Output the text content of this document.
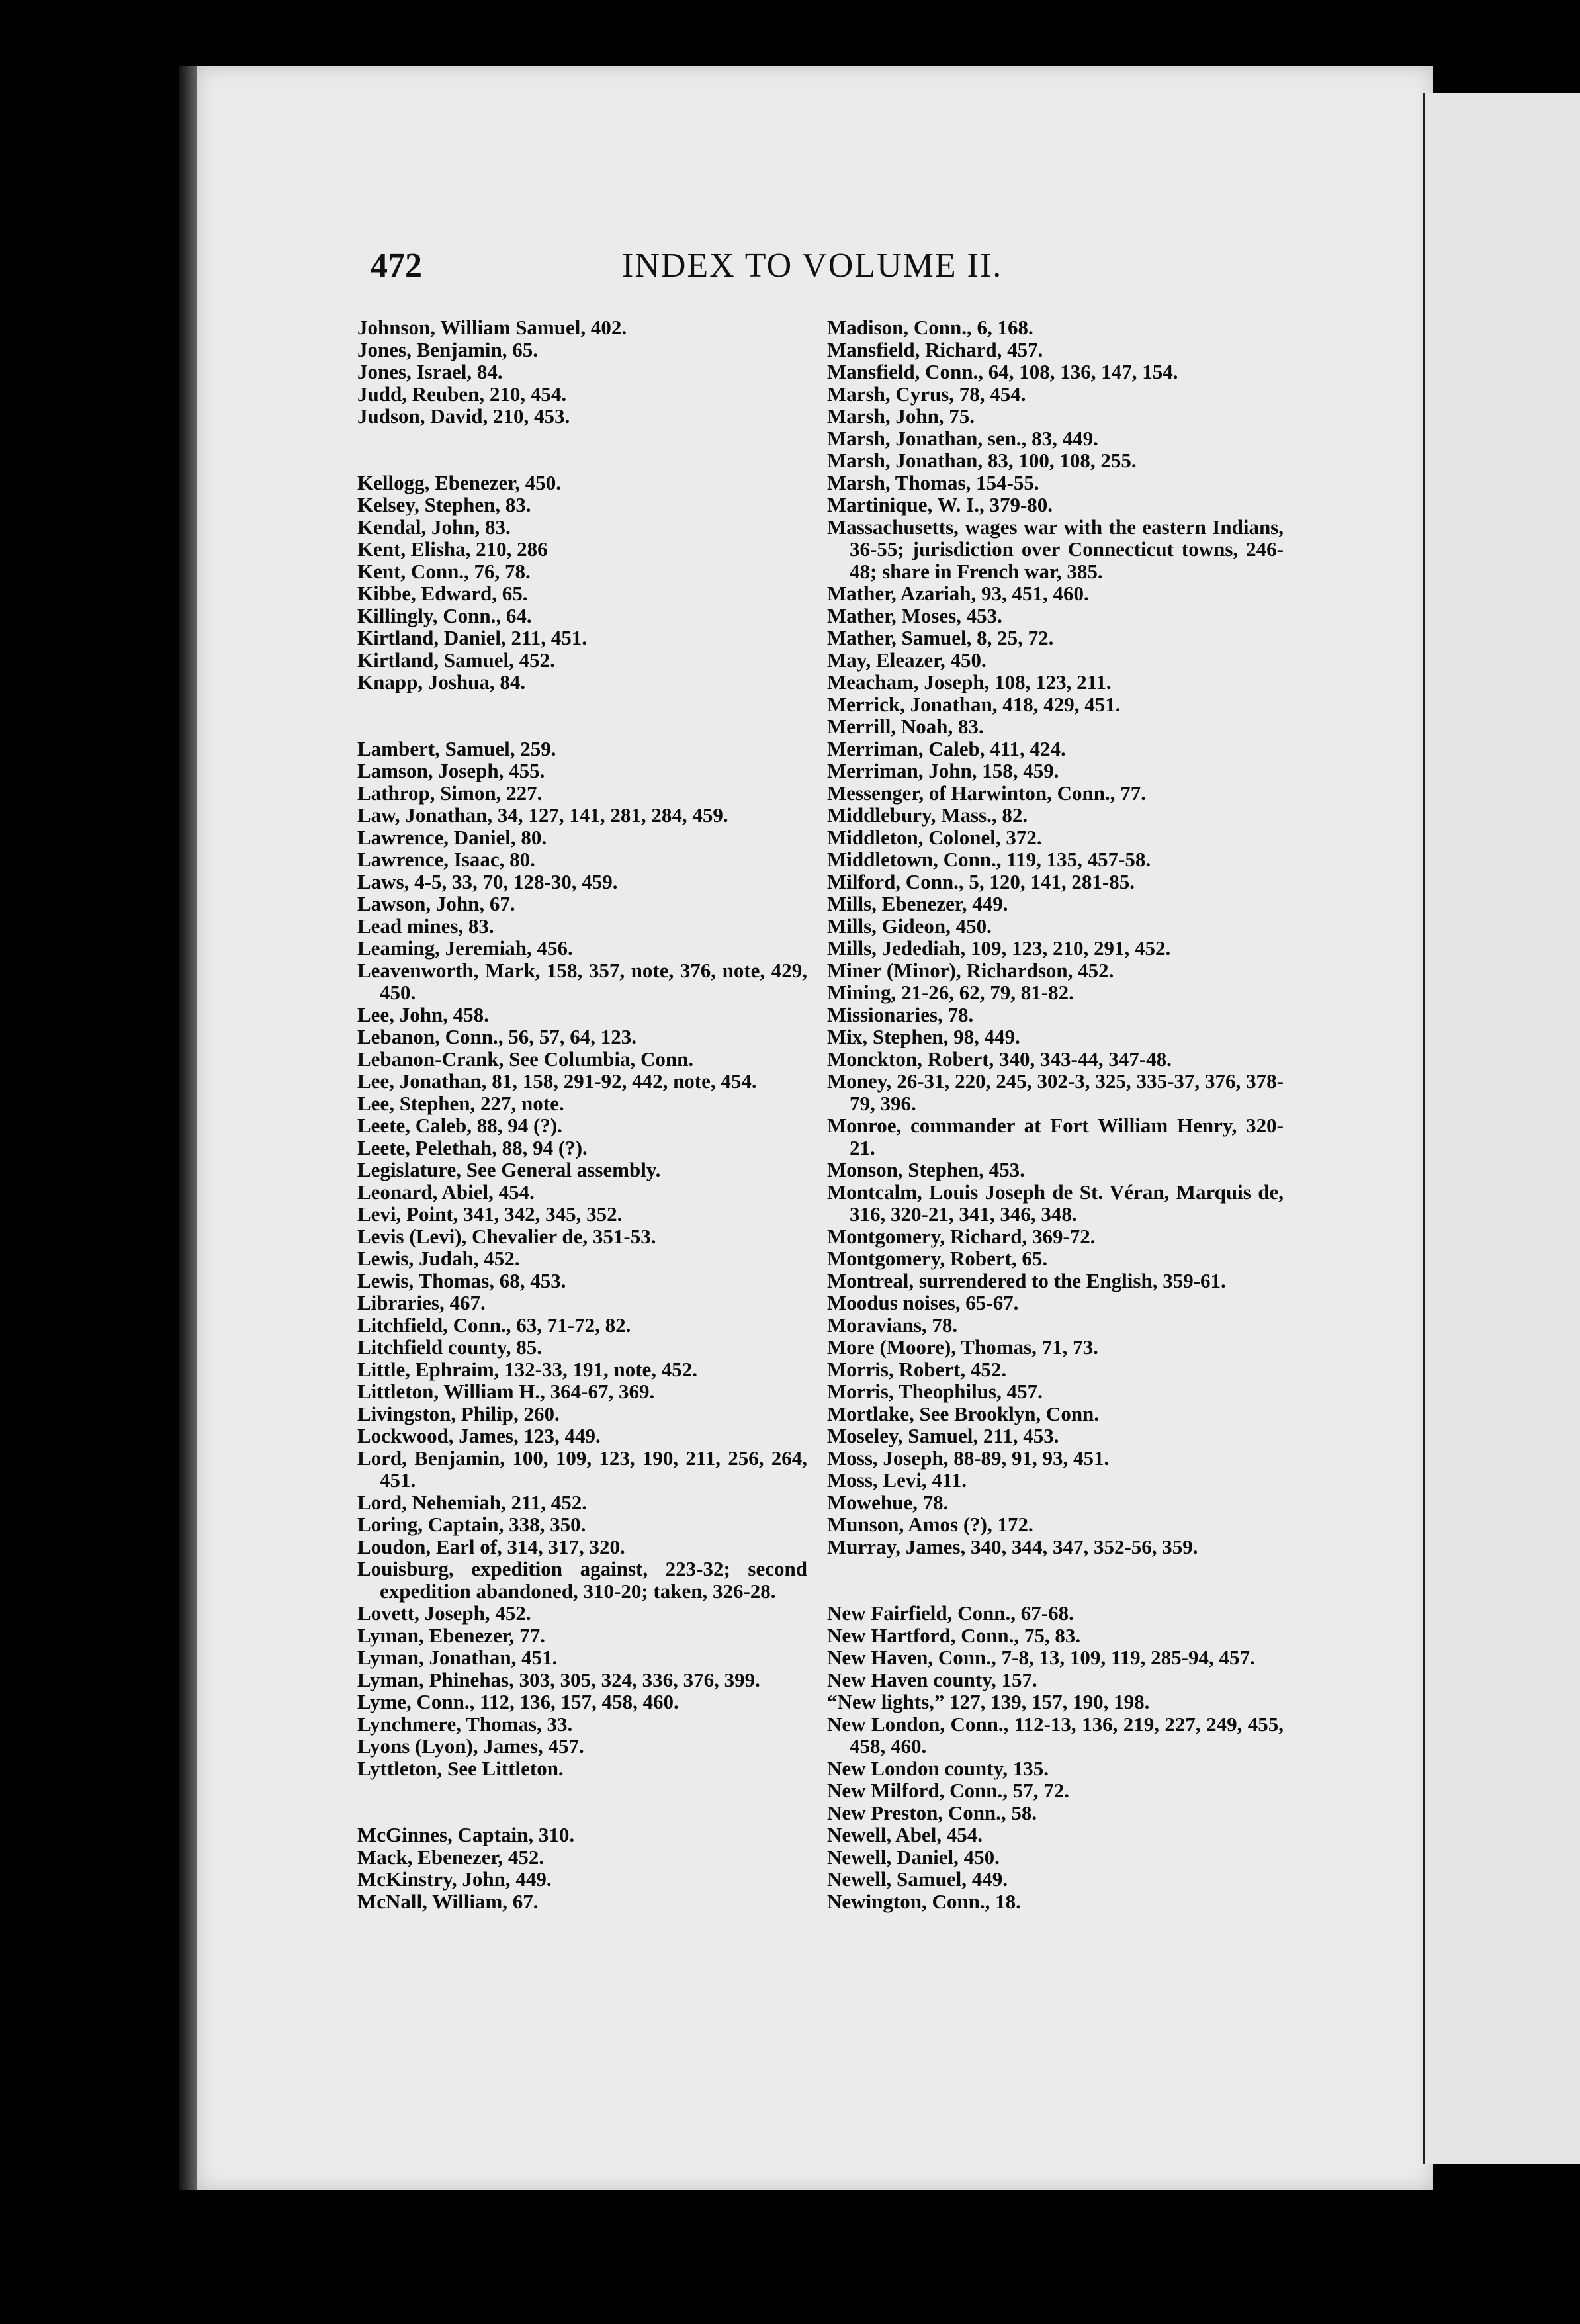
472	INDEX TO VOLUME II.
Johnson, William Samuel, 402.
Jones, Benjamin, 65.
Jones, Israel, 84.
Judd, Reuben, 210, 454.
Judson, David, 210, 453.
Kellogg, Ebenezer, 450.
Kelsey, Stephen, 83.
Kendal, John, 83.
Kent, Elisha, 210, 286
Kent, Conn., 76, 78.
Kibbe, Edward, 65.
Killingly, Conn., 64.
Kirtland, Daniel, 211, 451.
Kirtland, Samuel, 452.
Knapp, Joshua, 84.
Lambert, Samuel, 259.
Lamson, Joseph, 455.
Lathrop, Simon, 227.
Law, Jonathan, 34, 127, 141, 281, 284, 459.
Lawrence, Daniel, 80.
Lawrence, Isaac, 80.
Laws, 4-5, 33, 70, 128-30, 459.
Lawson, John, 67.
Lead mines, 83.
Leaming, Jeremiah, 456.
Leavenworth, Mark, 158, 357, note, 376, note, 429, 450.
Lee, John, 458.
Lebanon, Conn., 56, 57, 64, 123.
Lebanon-Crank, See Columbia, Conn.
Lee, Jonathan, 81, 158, 291-92, 442, note, 454.
Lee, Stephen, 227, note.
Leete, Caleb, 88, 94 (?).
Leete, Pelethah, 88, 94 (?).
Legislature, See General assembly.
Leonard, Abiel, 454.
Levi, Point, 341, 342, 345, 352.
Levis (Levi), Chevalier de, 351-53.
Lewis, Judah, 452.
Lewis, Thomas, 68, 453.
Libraries, 467.
Litchfield, Conn., 63, 71-72, 82.
Litchfield county, 85.
Little, Ephraim, 132-33, 191, note, 452.
Littleton, William H., 364-67, 369.
Livingston, Philip, 260.
Lockwood, James, 123, 449.
Lord, Benjamin, 100, 109, 123, 190, 211, 256, 264, 451.
Lord, Nehemiah, 211, 452.
Loring, Captain, 338, 350.
Loudon, Earl of, 314, 317, 320.
Louisburg, expedition against, 223-32; second expedition abandoned, 310-20; taken, 326-28.
Lovett, Joseph, 452.
Lyman, Ebenezer, 77.
Lyman, Jonathan, 451.
Lyman, Phinehas, 303, 305, 324, 336, 376, 399.
Lyme, Conn., 112, 136, 157, 458, 460.
Lynchmere, Thomas, 33.
Lyons (Lyon), James, 457.
Lyttleton, See Littleton.
McGinnes, Captain, 310.
Mack, Ebenezer, 452.
McKinstry, John, 449.
McNall, William, 67.
Madison, Conn., 6, 168.
Mansfield, Richard, 457.
Mansfield, Conn., 64, 108, 136, 147, 154.
Marsh, Cyrus, 78, 454.
Marsh, John, 75.
Marsh, Jonathan, sen., 83, 449.
Marsh, Jonathan, 83, 100, 108, 255.
Marsh, Thomas, 154-55.
Martinique, W. I., 379-80.
Massachusetts, wages war with the eastern Indians, 36-55; jurisdiction over Connecticut towns, 246-48; share in French war, 385.
Mather, Azariah, 93, 451, 460.
Mather, Moses, 453.
Mather, Samuel, 8, 25, 72.
May, Eleazer, 450.
Meacham, Joseph, 108, 123, 211.
Merrick, Jonathan, 418, 429, 451.
Merrill, Noah, 83.
Merriman, Caleb, 411, 424.
Merriman, John, 158, 459.
Messenger, of Harwinton, Conn., 77.
Middlebury, Mass., 82.
Middleton, Colonel, 372.
Middletown, Conn., 119, 135, 457-58.
Milford, Conn., 5, 120, 141, 281-85.
Mills, Ebenezer, 449.
Mills, Gideon, 450.
Mills, Jedediah, 109, 123, 210, 291, 452.
Miner (Minor), Richardson, 452.
Mining, 21-26, 62, 79, 81-82.
Missionaries, 78.
Mix, Stephen, 98, 449.
Monckton, Robert, 340, 343-44, 347-48.
Money, 26-31, 220, 245, 302-3, 325, 335-37, 376, 378-79, 396.
Monroe, commander at Fort William Henry, 320-21.
Monson, Stephen, 453.
Montcalm, Louis Joseph de St. Véran, Marquis de, 316, 320-21, 341, 346, 348.
Montgomery, Richard, 369-72.
Montgomery, Robert, 65.
Montreal, surrendered to the English, 359-61.
Moodus noises, 65-67.
Moravians, 78.
More (Moore), Thomas, 71, 73.
Morris, Robert, 452.
Morris, Theophilus, 457.
Mortlake, See Brooklyn, Conn.
Moseley, Samuel, 211, 453.
Moss, Joseph, 88-89, 91, 93, 451.
Moss, Levi, 411.
Mowehue, 78.
Munson, Amos (?), 172.
Murray, James, 340, 344, 347, 352-56, 359.
New Fairfield, Conn., 67-68.
New Hartford, Conn., 75, 83.
New Haven, Conn., 7-8, 13, 109, 119, 285-94, 457.
New Haven county, 157.
“New lights,” 127, 139, 157, 190, 198.
New London, Conn., 112-13, 136, 219, 227, 249, 455, 458, 460.
New London county, 135.
New Milford, Conn., 57, 72.
New Preston, Conn., 58.
Newell, Abel, 454.
Newell, Daniel, 450.
Newell, Samuel, 449.
Newington, Conn., 18.
